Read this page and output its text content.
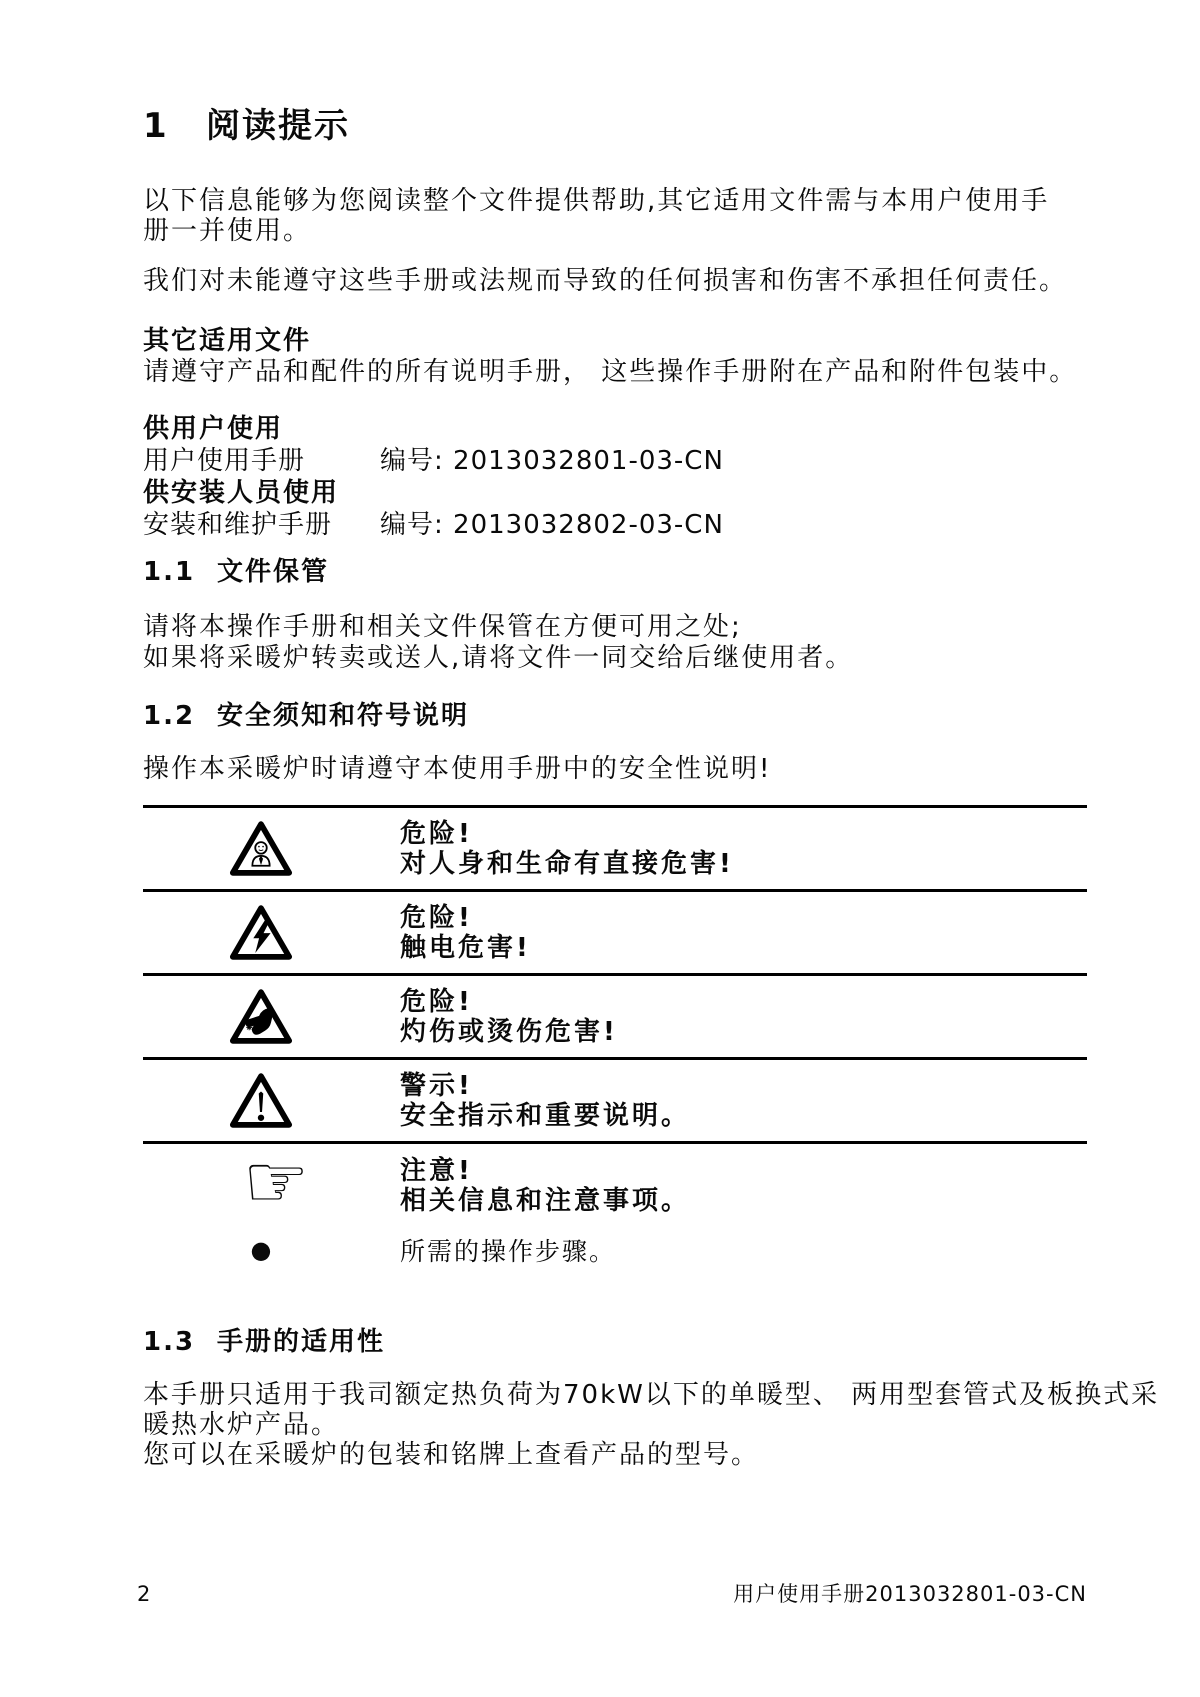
1	阅读提示
以下信息能够为您阅读整个文件提供帮助,其它适用文件需与本用户使用手
册一并使用。
我们对未能遵守这些手册或法规而导致的任何损害和伤害不承担任何责任。
其它适用文件
请遵守产品和配件的所有说明手册， 这些操作手册附在产品和附件包装中。
供用户使用
用户使用手册	编号: 2013032801-03-CN
供安装人员使用
安装和维护手册	编号: 2013032802-03-CN
1.1 文件保管
请将本操作手册和相关文件保管在方便可用之处;
如果将采暖炉转卖或送人,请将文件一同交给后继使用者。
1.2 安全须知和符号说明
操作本采暖炉时请遵守本使用手册中的安全性说明!
危险!
对人身和生命有直接危害!
危险!
触电危害!
危险!
灼伤或烫伤危害!
警示!
安全指示和重要说明。
☞	注意!
相关信息和注意事项。
●	所需的操作步骤。
1.3 手册的适用性
本手册只适用于我司额定热负荷为70kW以下的单暖型、 两用型套管式及板换式采
暖热水炉产品。
您可以在采暖炉的包装和铭牌上查看产品的型号。
2	用户使用手册2013032801-03-CN
